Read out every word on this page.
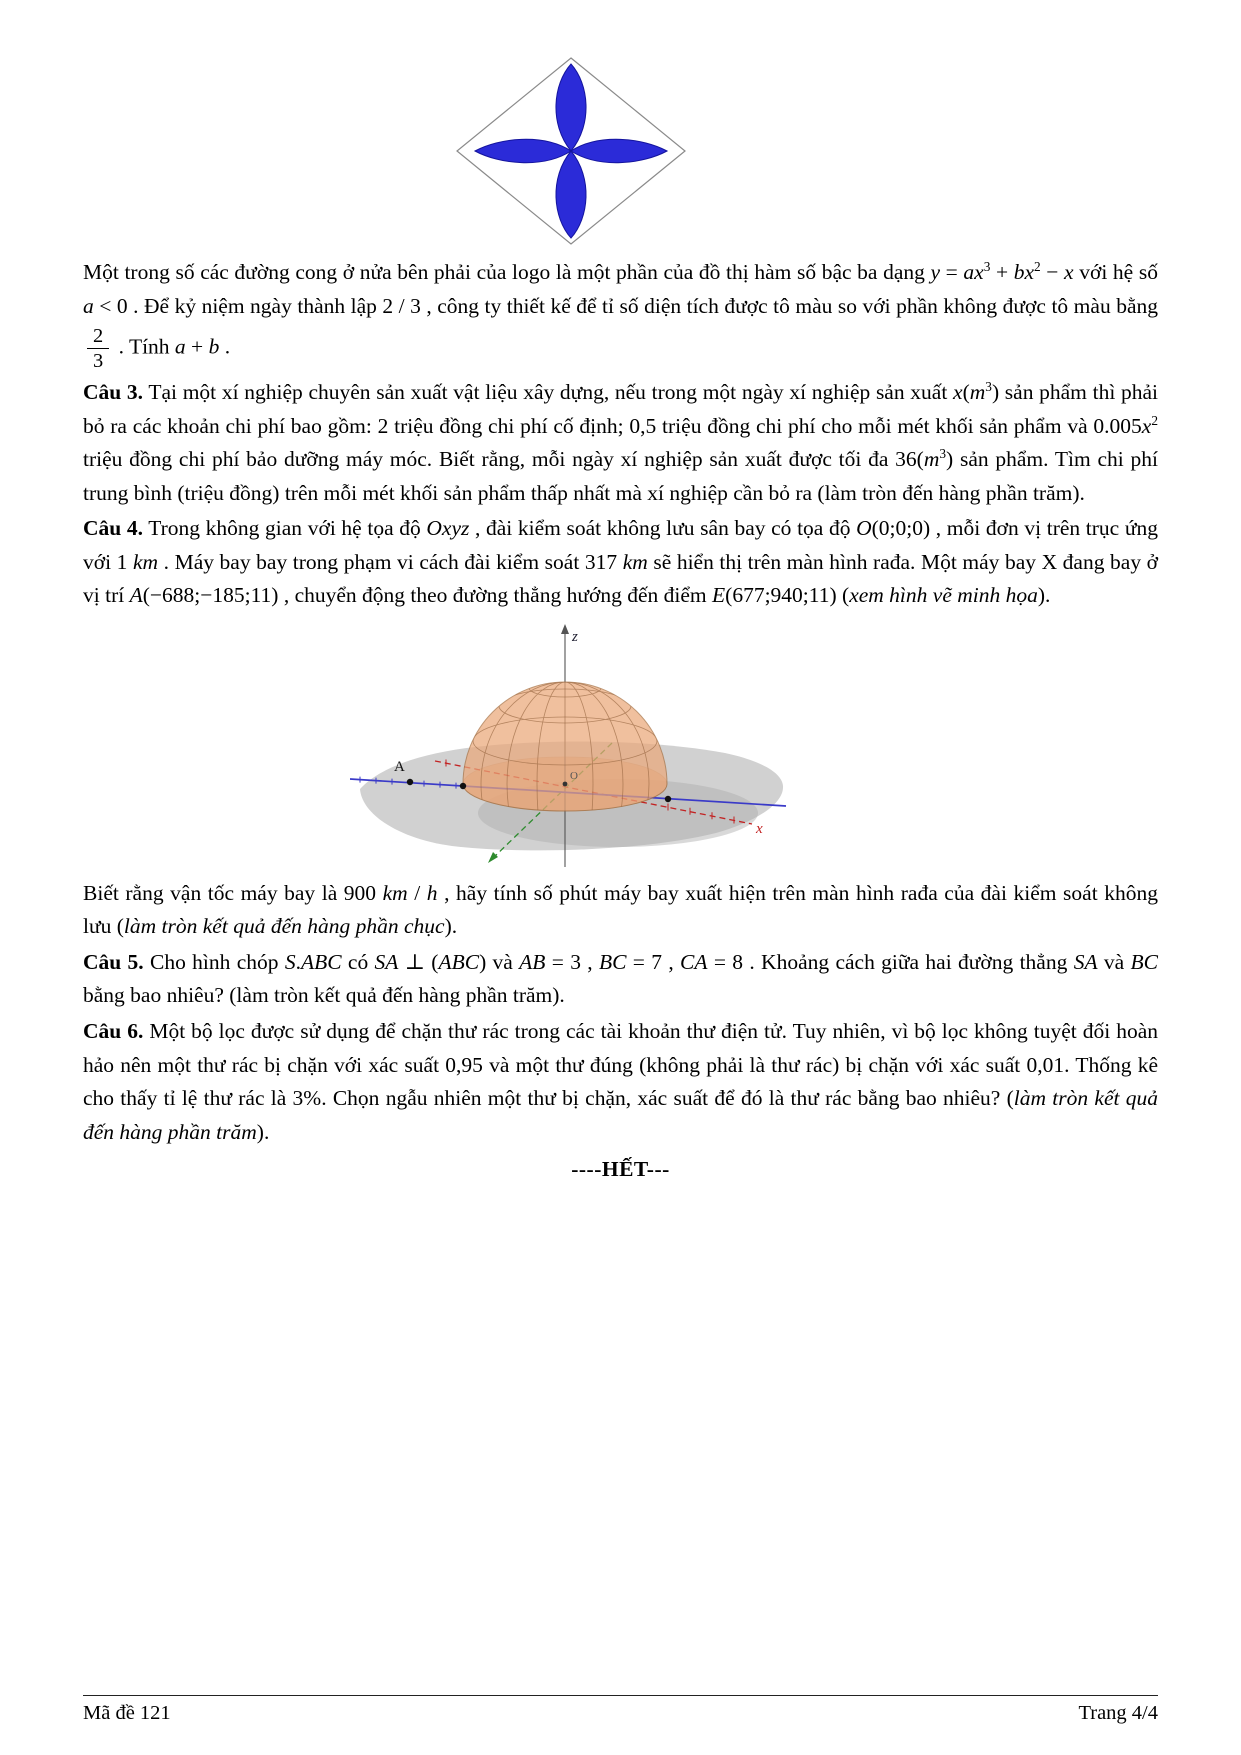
Một trong số các đường cong ở nửa bên phải của logo là một phần của đồ thị hàm số bậc ba dạng $y = ax^3 + bx^2 - x$ với hệ số a < 0 . Để kỷ niệm ngày thành lập 2 / 3 , công ty thiết kế để tỉ số diện tích được tô màu so với phần không được tô màu bằng
$\frac{2}{3}$ . Tính a + b .

Câu 3. Tại một xí nghiệp chuyên sản xuất vật liệu xây dựng, nếu trong một ngày xí nghiệp sản xuất $x(m^3)$ sản phẩm thì phải bỏ ra các khoản chi phí bao gồm: 2 triệu đồng chi phí cố định; 0,5 triệu đồng chi phí cho mỗi mét khối sản phẩm và $0.005x^2$ triệu đồng chi phí bảo dưỡng máy móc. Biết rằng, mỗi ngày xí nghiệp sản xuất được tối đa $36(m^3)$ sản phẩm. Tìm chi phí trung bình (triệu đồng) trên mỗi mét khối sản phẩm thấp nhất mà xí nghiệp cần bỏ ra (làm tròn đến hàng phần trăm).

Câu 4. Trong không gian với hệ tọa độ Oxyz , đài kiểm soát không lưu sân bay có tọa độ O(0;0;0) , mỗi đơn vị trên trục ứng với 1 km . Máy bay bay trong phạm vi cách đài kiểm soát 317 km sẽ hiển thị trên màn hình rađa. Một máy bay X đang bay ở vị trí A(−688;−185;11) , chuyển động theo đường thẳng hướng đến điểm E(677;940;11) (xem hình vẽ minh họa).

A
z
x
O

Biết rằng vận tốc máy bay là 900 km / h , hãy tính số phút máy bay xuất hiện trên màn hình rađa của đài kiểm soát không lưu (làm tròn kết quả đến hàng phần chục).

Câu 5. Cho hình chóp S.ABC có SA ⊥ (ABC) và AB = 3 , BC = 7 , CA = 8 . Khoảng cách giữa hai đường thẳng SA và BC bằng bao nhiêu? (làm tròn kết quả đến hàng phần trăm).

Câu 6. Một bộ lọc được sử dụng để chặn thư rác trong các tài khoản thư điện tử. Tuy nhiên, vì bộ lọc không tuyệt đối hoàn hảo nên một thư rác bị chặn với xác suất 0,95 và một thư đúng (không phải là thư rác) bị chặn với xác suất 0,01. Thống kê cho thấy tỉ lệ thư rác là 3%. Chọn ngẫu nhiên một thư bị chặn, xác suất để đó là thư rác bằng bao nhiêu? (làm tròn kết quả đến hàng phần trăm).

----HẾT---

Mã đề 121	Trang 4/4
